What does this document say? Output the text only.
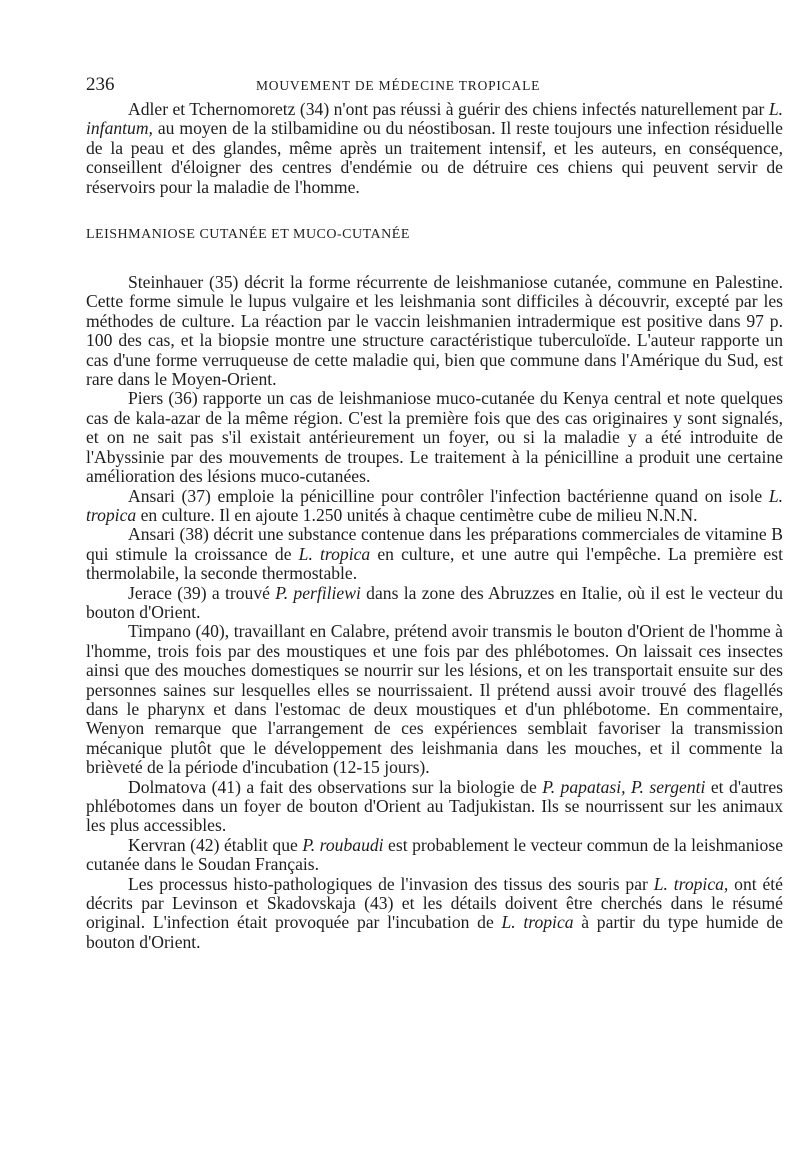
236	MOUVEMENT DE MÉDECINE TROPICALE

Adler et Tchernomoretz (34) n'ont pas réussi à guérir des chiens infectés naturellement par L. infantum, au moyen de la stilbamidine ou du néostibosan. Il reste toujours une infection résiduelle de la peau et des glandes, même après un traitement intensif, et les auteurs, en conséquence, conseillent d'éloigner des centres d'endémie ou de détruire ces chiens qui peuvent servir de réservoirs pour la maladie de l'homme.

LEISHMANIOSE CUTANÉE ET MUCO-CUTANÉE

Steinhauer (35) décrit la forme récurrente de leishmaniose cutanée, commune en Palestine. Cette forme simule le lupus vulgaire et les leishmania sont difficiles à découvrir, excepté par les méthodes de culture. La réaction par le vaccin leishmanien intradermique est positive dans 97 p. 100 des cas, et la biopsie montre une structure caractéristique tuberculoïde. L'auteur rapporte un cas d'une forme verruqueuse de cette maladie qui, bien que commune dans l'Amérique du Sud, est rare dans le Moyen-Orient.

Piers (36) rapporte un cas de leishmaniose muco-cutanée du Kenya central et note quelques cas de kala-azar de la même région. C'est la première fois que des cas originaires y sont signalés, et on ne sait pas s'il existait antérieurement un foyer, ou si la maladie y a été introduite de l'Abyssinie par des mouvements de troupes. Le traitement à la pénicilline a produit une certaine amélioration des lésions muco-cutanées.

Ansari (37) emploie la pénicilline pour contrôler l'infection bactérienne quand on isole L. tropica en culture. Il en ajoute 1.250 unités à chaque centimètre cube de milieu N.N.N.

Ansari (38) décrit une substance contenue dans les préparations commerciales de vitamine B qui stimule la croissance de L. tropica en culture, et une autre qui l'empêche. La première est thermolabile, la seconde thermostable.

Jerace (39) a trouvé P. perfiliewi dans la zone des Abruzzes en Italie, où il est le vecteur du bouton d'Orient.

Timpano (40), travaillant en Calabre, prétend avoir transmis le bouton d'Orient de l'homme à l'homme, trois fois par des moustiques et une fois par des phlébotomes. On laissait ces insectes ainsi que des mouches domestiques se nourrir sur les lésions, et on les transportait ensuite sur des personnes saines sur lesquelles elles se nourrissaient. Il prétend aussi avoir trouvé des flagellés dans le pharynx et dans l'estomac de deux moustiques et d'un phlébotome. En commentaire, Wenyon remarque que l'arrangement de ces expériences semblait favoriser la transmission mécanique plutôt que le développement des leishmania dans les mouches, et il commente la brièveté de la période d'incubation (12-15 jours).

Dolmatova (41) a fait des observations sur la biologie de P. papatasi, P. sergenti et d'autres phlébotomes dans un foyer de bouton d'Orient au Tadjukistan. Ils se nourrissent sur les animaux les plus accessibles.

Kervran (42) établit que P. roubaudi est probablement le vecteur commun de la leishmaniose cutanée dans le Soudan Français.

Les processus histo-pathologiques de l'invasion des tissus des souris par L. tropica, ont été décrits par Levinson et Skadovskaja (43) et les détails doivent être cherchés dans le résumé original. L'infection était provoquée par l'incubation de L. tropica à partir du type humide de bouton d'Orient.
